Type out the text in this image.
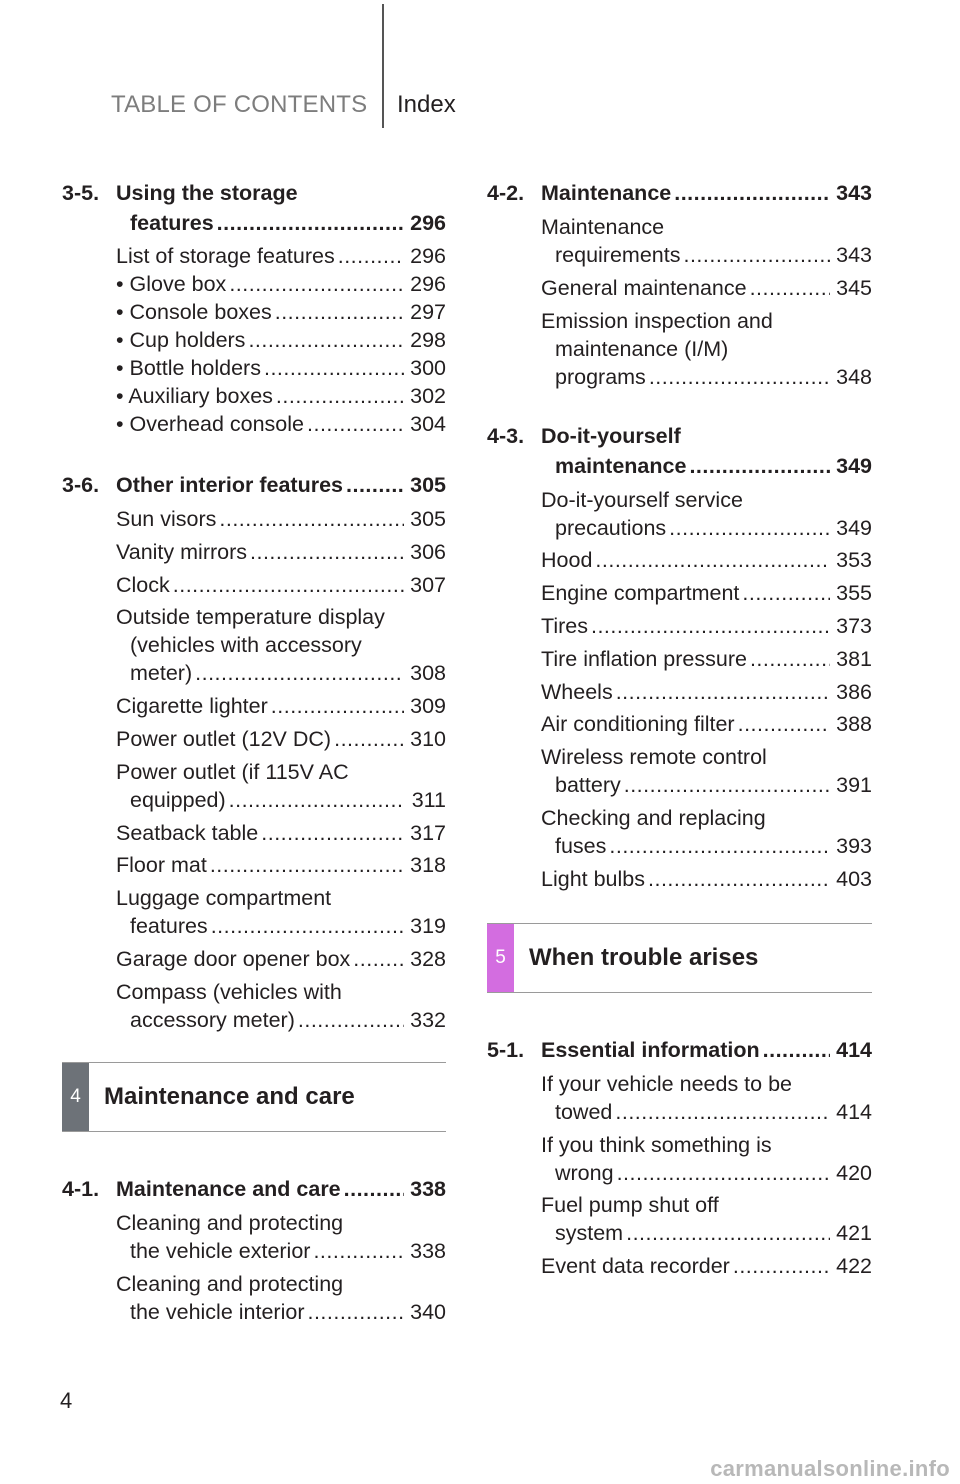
TABLE OF CONTENTS Index
3-5. Using the storage
features .....	296
List of storage features .....	296
• Glove box .....	296
• Console boxes .....	297
• Cup holders .....	298
• Bottle holders .....	300
• Auxiliary boxes .....	302
• Overhead console .....	304
3-6. Other interior features .....	305
Sun visors .....	305
Vanity mirrors .....	306
Clock .....	307
Outside temperature display
(vehicles with accessory
meter) .....	308
Cigarette lighter .....	309
Power outlet (12V DC) .....	310
Power outlet (if 115V AC
equipped) .....	311
Seatback table .....	317
Floor mat .....	318
Luggage compartment
features .....	319
Garage door opener box .....	328
Compass (vehicles with
accessory meter) .....	332
4 Maintenance and care
4-1. Maintenance and care .....	338
Cleaning and protecting
the vehicle exterior .....	338
Cleaning and protecting
the vehicle interior .....	340
4-2. Maintenance .....	343
Maintenance
requirements .....	343
General maintenance .....	345
Emission inspection and
maintenance (I/M)
programs .....	348
4-3. Do-it-yourself
maintenance .....	349
Do-it-yourself service
precautions .....	349
Hood .....	353
Engine compartment .....	355
Tires .....	373
Tire inflation pressure .....	381
Wheels .....	386
Air conditioning filter .....	388
Wireless remote control
battery .....	391
Checking and replacing
fuses .....	393
Light bulbs .....	403
5 When trouble arises
5-1. Essential information .....	414
If your vehicle needs to be
towed .....	414
If you think something is
wrong .....	420
Fuel pump shut off
system .....	421
Event data recorder .....	422
4
carmanualsonline.info
